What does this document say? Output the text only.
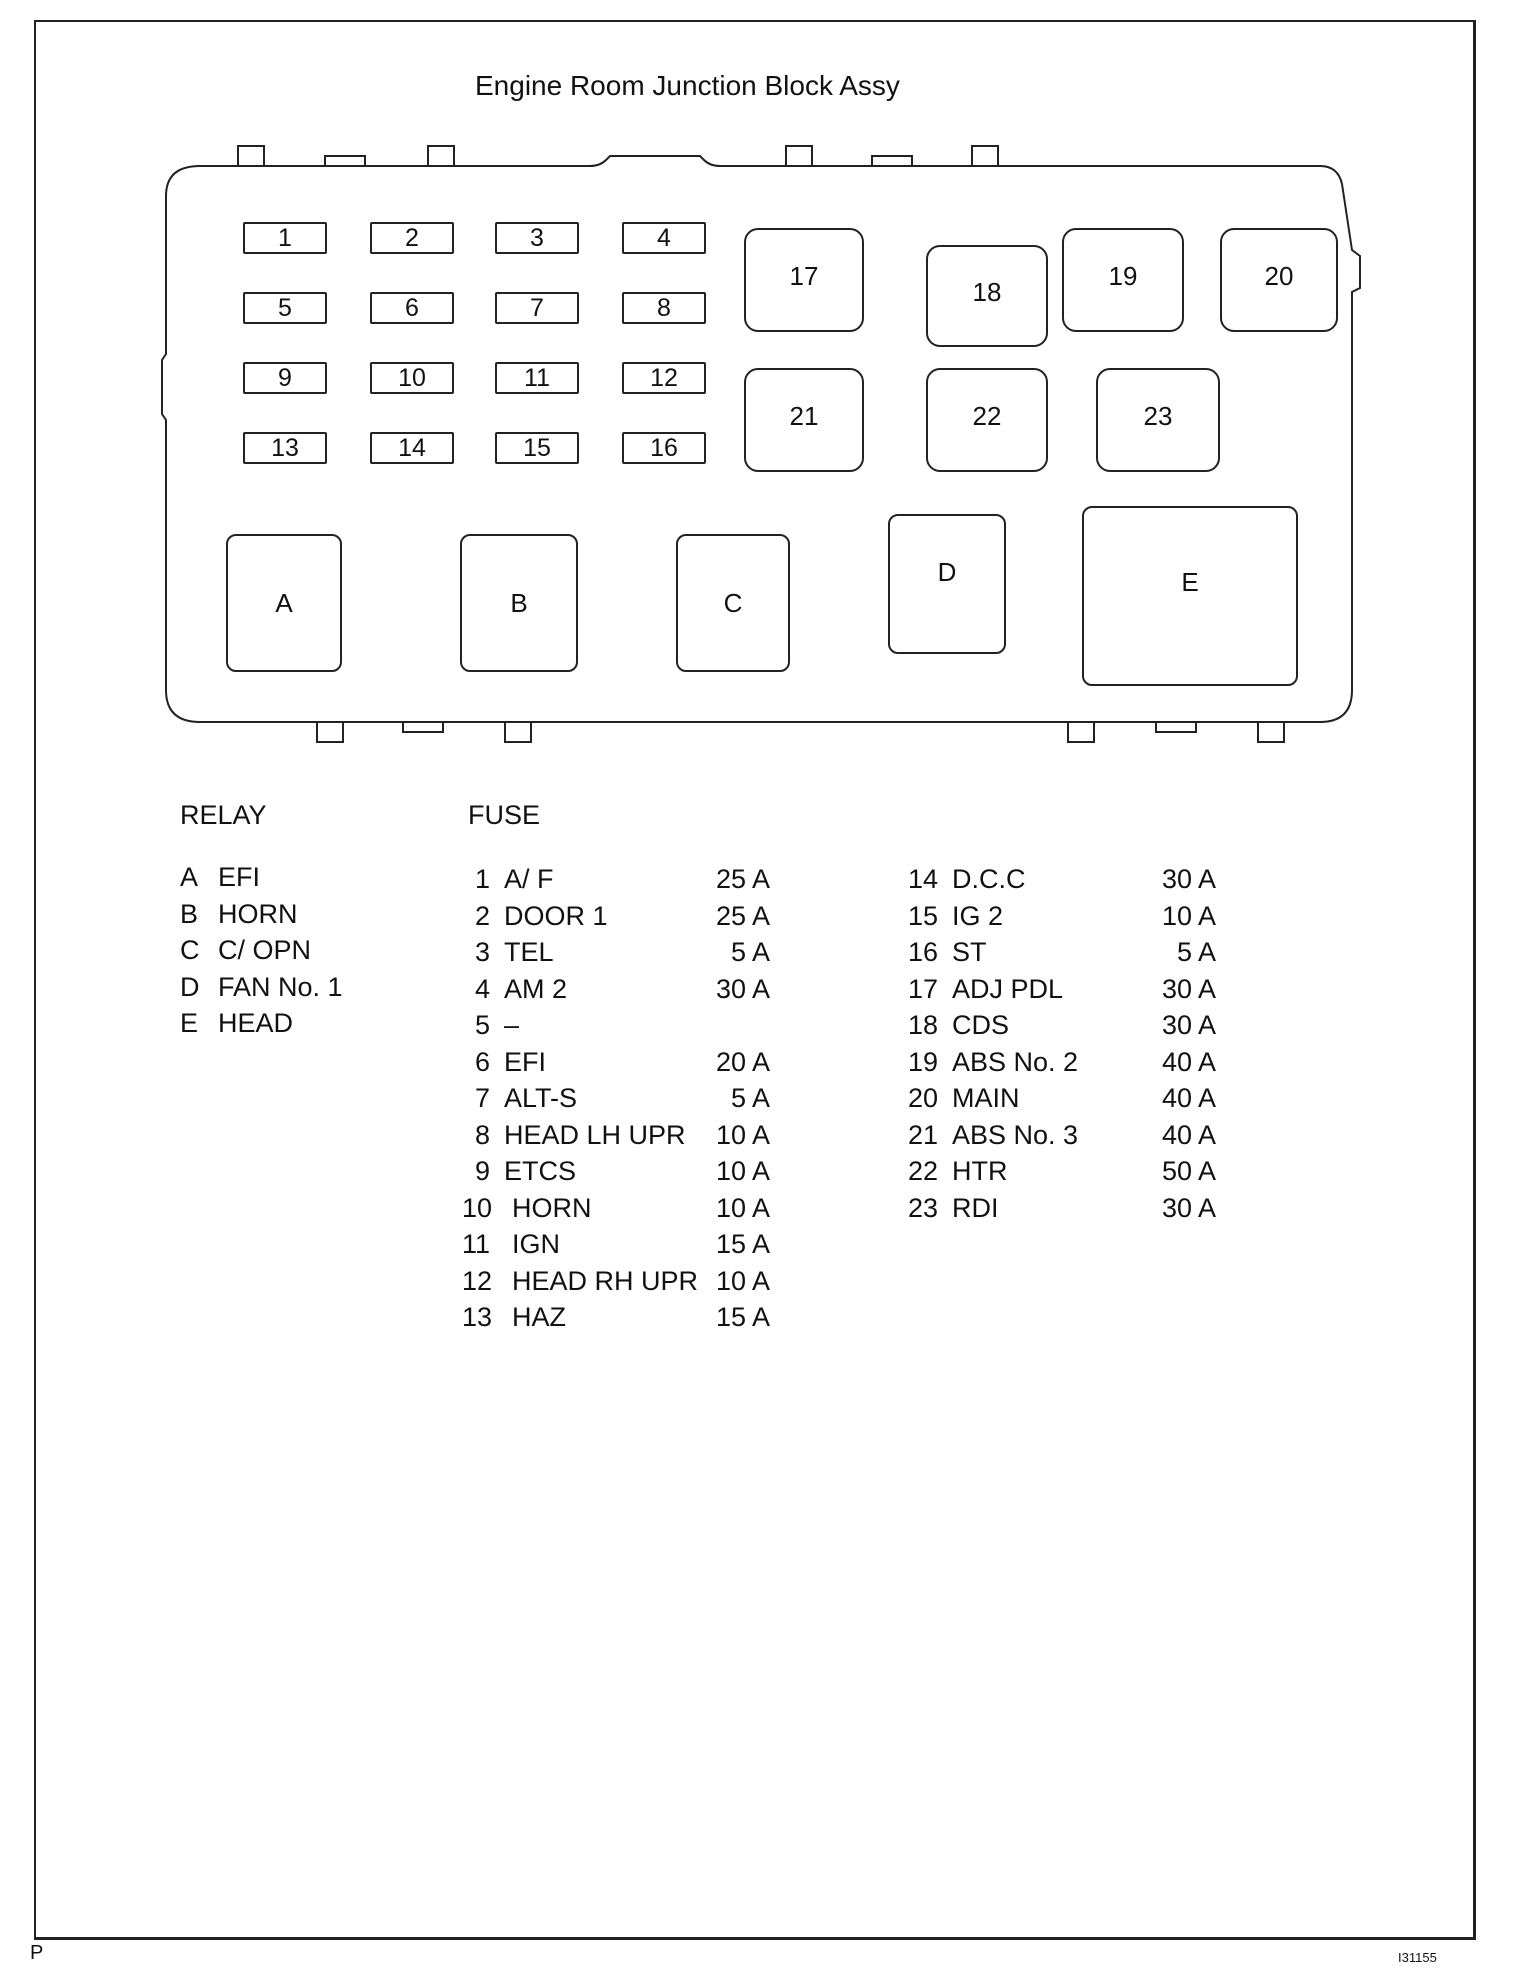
Engine Room Junction Block Assy
1	2	3	4
5	6	7	8
9	10	11	12
13	14	15	16
17
18
19	20
21	22	23
A	B	C
D	E
RELAY	FUSE
A EFI
B HORN
C C/ OPN
D FAN No. 1
E HEAD
1 A/ F	25 A
2 DOOR 1	25 A
3 TEL	5 A
4 AM 2	30 A
5 –
6 EFI	20 A
7 ALT-S	5 A
8 HEAD LH UPR	10 A
9 ETCS	10 A
10 HORN	10 A
11 IGN	15 A
12 HEAD RH UPR 10 A
13 HAZ	15 A
14 D.C.C	30 A
15 IG 2	10 A
16 ST	5 A
17 ADJ PDL	30 A
18 CDS	30 A
19 ABS No. 2	40 A
20 MAIN	40 A
21 ABS No. 3	40 A
22 HTR	50 A
23 RDI	30 A
P	I31155
